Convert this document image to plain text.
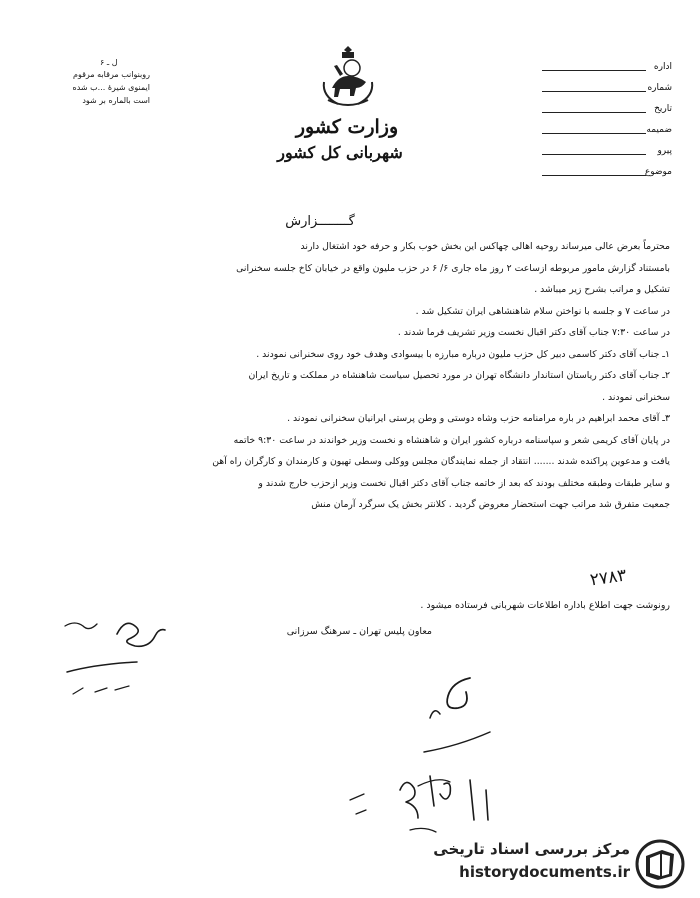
ل ـ ۶
روبنوانب مرقابه مرقوم
ایمنوی شیرۀ ...ب شده
است بالماره بر شود
وزارت کشور
شهربانی کل کشور
اداره
شماره
تاریخ
ضمیمه
پیرو
موضوع
گــــــــزارش
محترماً بعرض عالی میرساند روحیه اهالی چهاکس این بخش خوب بکار و حرفه خود اشتغال دارند
بامستناد گزارش مامور مربوطه ازساعت ۲ روز ماه جاری ۶/ ۶ در حزب ملیون واقع در خیابان کاخ جلسه سخنرانی
تشکیل و مراتب بشرح زیر میباشد .
در ساعت ۷ و جلسه با نواختن سلام شاهنشاهی ایران تشکیل شد .
در ساعت ۷:۳۰ جناب آقای دکتر اقبال نخست وزیر تشریف فرما شدند .
۱ـ جناب آقای دکتر کاسمی دبیر کل حزب ملیون درباره مبارزه با بیسوادی وهدف خود روی سخنرانی نمودند .
۲ـ جناب آقای دکتر ریاستان استاندار دانشگاه تهران در مورد تحصیل سیاست شاهنشاه در مملکت و تاریخ ایران
سخنرانی نمودند .
۳ـ آقای محمد ابراهیم در باره مرامنامه حزب وشاه دوستی و وطن پرستی ایرانیان سخنرانی نمودند .
در پایان آقای کریمی شعر و سپاسنامه درباره کشور ایران و شاهنشاه و نخست وزیر خواندند در ساعت ۹:۳۰ خاتمه
یافت و مدعوین پراکنده شدند ....... انتقاد از جمله نمایندگان مجلس ووکلی وسطی تهیون و کارمندان و کارگران راه آهن
و سایر طبقات وطبقه مختلف بودند که بعد از خاتمه جناب آقای دکتر اقبال نخست وزیر ازحزب خارج شدند و
جمعیت متفرق شد مراتب جهت استحضار معروض گردید . کلانتر بخش یک سرگرد آرمان منش
۲۷۸۳
رونوشت جهت اطلاع باداره اطلاعات شهربانی فرستاده میشود .
معاون پلیس تهران ـ سرهنگ سرزانی
مرکز بررسی اسناد تاریخی
historydocuments.ir
